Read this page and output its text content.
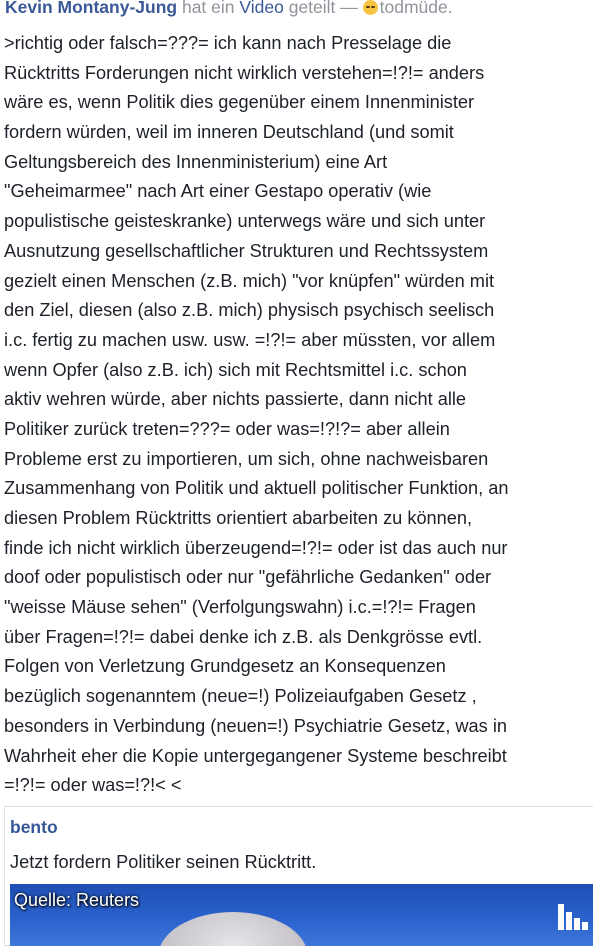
Kevin Montany-Jung hat ein Video geteilt — todmüde.
>richtig oder falsch=???= ich kann nach Presselage die
Rücktritts Forderungen nicht wirklich verstehen=!?!= anders
wäre es, wenn Politik dies gegenüber einem Innenminister
fordern würden, weil im inneren Deutschland (und somit
Geltungsbereich des Innenministerium) eine Art
"Geheimarmee" nach Art einer Gestapo operativ (wie
populistische geisteskranke) unterwegs wäre und sich unter
Ausnutzung gesellschaftlicher Strukturen und Rechtssystem
gezielt einen Menschen (z.B. mich) "vor knüpfen" würden mit
den Ziel, diesen (also z.B. mich) physisch psychisch seelisch
i.c. fertig zu machen usw. usw. =!?!= aber müssten, vor allem
wenn Opfer (also z.B. ich) sich mit Rechtsmittel i.c. schon
aktiv wehren würde, aber nichts passierte, dann nicht alle
Politiker zurück treten=???= oder was=!?!?= aber allein
Probleme erst zu importieren, um sich, ohne nachweisbaren
Zusammenhang von Politik und aktuell politischer Funktion, an
diesen Problem Rücktritts orientiert abarbeiten zu können,
finde ich nicht wirklich überzeugend=!?!= oder ist das auch nur
doof oder populistisch oder nur "gefährliche Gedanken" oder
"weisse Mäuse sehen" (Verfolgungswahn) i.c.=!?!= Fragen
über Fragen=!?!= dabei denke ich z.B. als Denkgrösse evtl.
Folgen von Verletzung Grundgesetz an Konsequenzen
bezüglich sogenanntem (neue=!) Polizeiaufgaben Gesetz ,
besonders in Verbindung (neuen=!) Psychiatrie Gesetz, was in
Wahrheit eher die Kopie untergegangener Systeme beschreibt
=!?!= oder was=!?!< <
bento
Jetzt fordern Politiker seinen Rücktritt.
Quelle: Reuters
